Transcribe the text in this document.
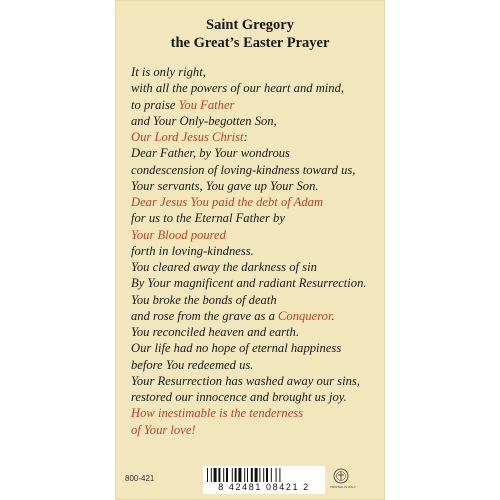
Saint Gregory
the Great’s Easter Prayer
It is only right,
with all the powers of our heart and mind,
to praise You Father
and Your Only-begotten Son,
Our Lord Jesus Christ:
Dear Father, by Your wondrous
condescension of loving-kindness toward us,
Your servants, You gave up Your Son.
Dear Jesus You paid the debt of Adam
for us to the Eternal Father by
Your Blood poured
forth in loving-kindness.
You cleared away the darkness of sin
By Your magnificent and radiant Resurrection.
You broke the bonds of death
and rose from the grave as a Conqueror.
You reconciled heaven and earth.
Our life had no hope of eternal happiness
before You redeemed us.
Your Resurrection has washed away our sins,
restored our innocence and brought us joy.
How inestimable is the tenderness
of Your love!
800-421
8 42481 08421 2	PRINTED IN ITALY
